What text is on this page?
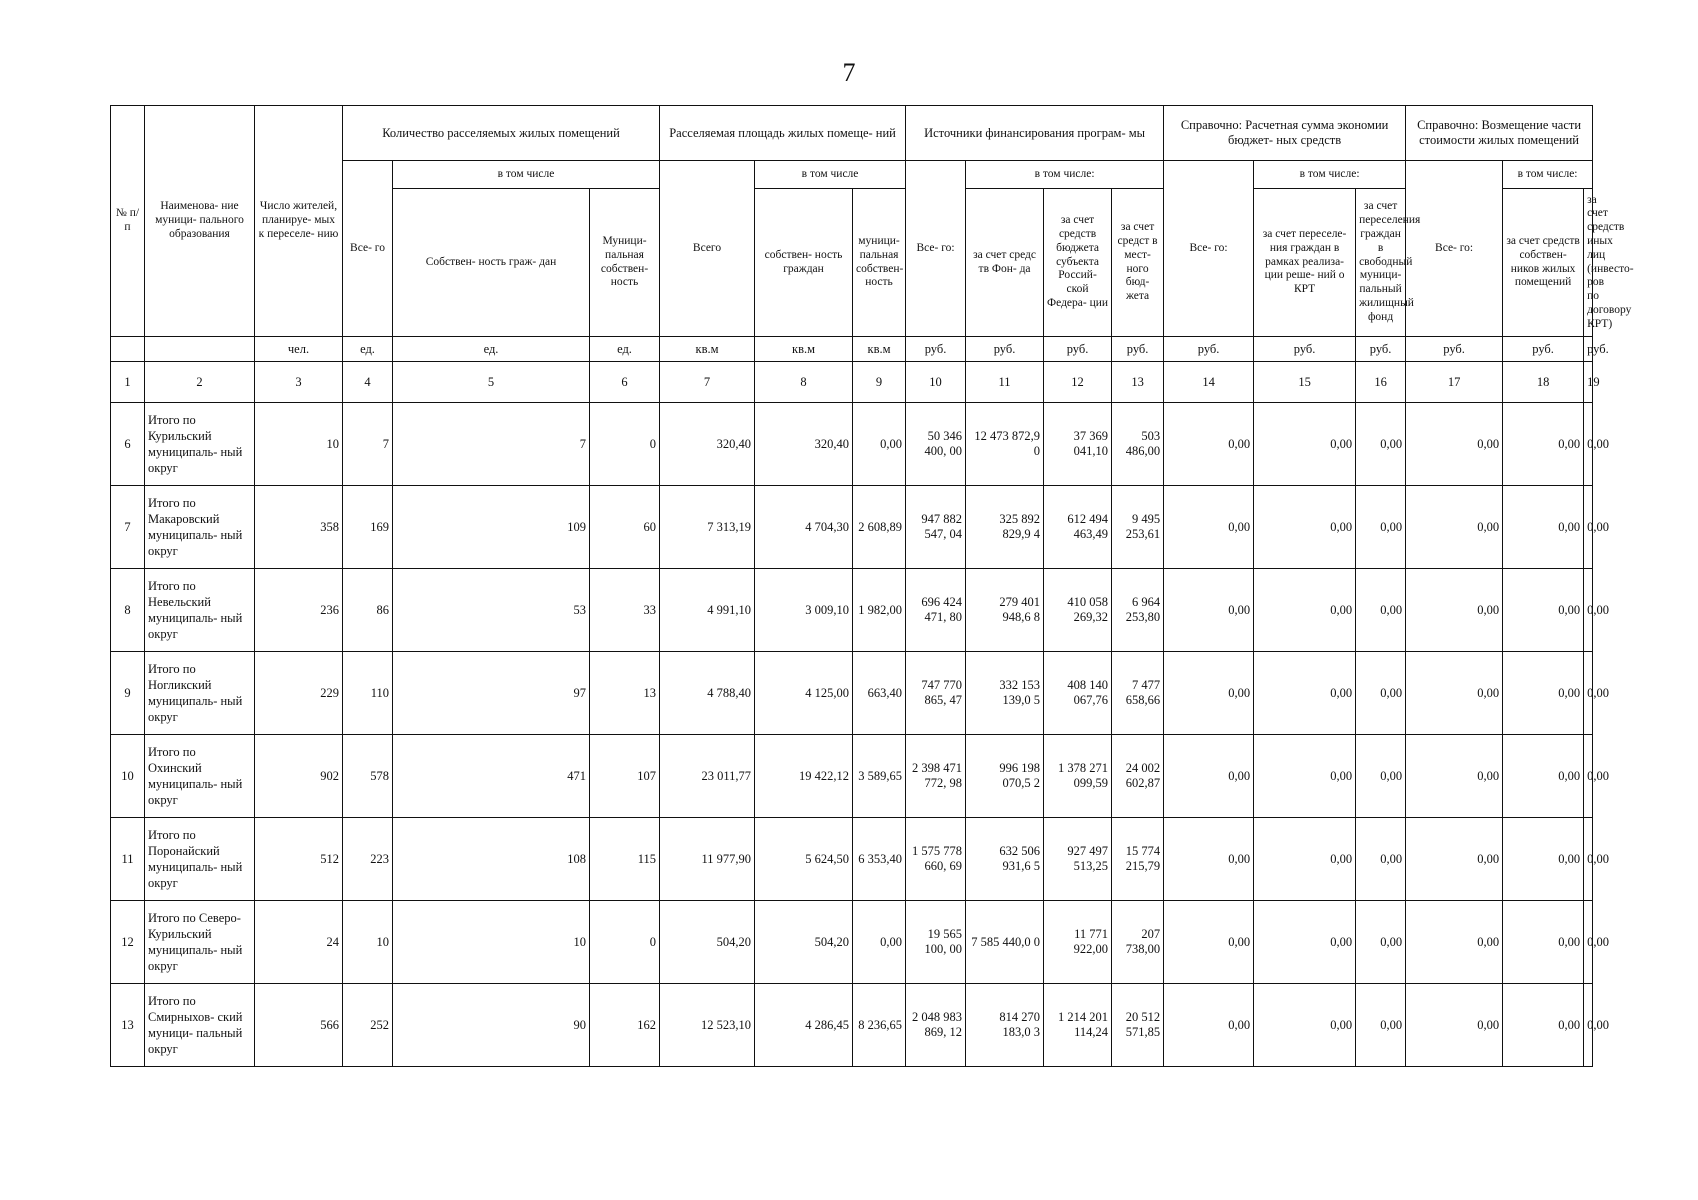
7
№ п/ п	Наименова- ние муници- пального образования	Число жителей, планируе- мых к переселе- нию	Количество расселяемых жилых помещений			Расселяемая площадь жилых помеще- ний			Источники финансирования програм- мы				Справочно: Расчетная сумма экономии бюджет- ных средств			Справочно: Возмещение части стоимости жилых помещений		
			Все- го	в том числе		Всего	в том числе		Все- го:	в том числе:			Все- го:	в том числе:		Все- го:	в том числе:	
				Собствен- ность граж- дан	Муници- пальная собствен- ность		собствен- ность граждан	муници- пальная собствен- ность		за счет средс тв Фон- да	за счет средств бюджета субъекта Россий- ской Федера- ции	за счет средст в мест- ного бюд- жета		за счет переселе- ния граждан в рамках реализа- ции реше- ний о КРТ	за счет переселения граждан в свободный муници- пальный жилищный фонд		за счет средств собствен- ников жилых помещений	за счет средств иных лиц (инвесто- ров по договору КРТ)
		чел.	ед.	ед.	ед.	кв.м	кв.м	кв.м	руб.	руб.	руб.	руб.	руб.	руб.	руб.	руб.	руб.	руб.
1	2	3	4	5	6	7	8	9	10	11	12	13	14	15	16	17	18	19
6	Итого по Курильский муниципаль- ный округ	10	7	7	0	320,40	320,40	0,00	50 346 400, 00	12 473 872,9 0	37 369 041,10	503 486,00	0,00	0,00	0,00	0,00	0,00	0,00
7	Итого по Макаровский муниципаль- ный округ	358	169	109	60	7 313,19	4 704,30	2 608,89	947 882 547, 04	325 892 829,9 4	612 494 463,49	9 495 253,61	0,00	0,00	0,00	0,00	0,00	0,00
8	Итого по Невельский муниципаль- ный округ	236	86	53	33	4 991,10	3 009,10	1 982,00	696 424 471, 80	279 401 948,6 8	410 058 269,32	6 964 253,80	0,00	0,00	0,00	0,00	0,00	0,00
9	Итого по Ногликский муниципаль- ный округ	229	110	97	13	4 788,40	4 125,00	663,40	747 770 865, 47	332 153 139,0 5	408 140 067,76	7 477 658,66	0,00	0,00	0,00	0,00	0,00	0,00
10	Итого по Охинский муниципаль- ный округ	902	578	471	107	23 011,77	19 422,12	3 589,65	2 398 471 772, 98	996 198 070,5 2	1 378 271 099,59	24 002 602,87	0,00	0,00	0,00	0,00	0,00	0,00
11	Итого по Поронайский муниципаль- ный округ	512	223	108	115	11 977,90	5 624,50	6 353,40	1 575 778 660, 69	632 506 931,6 5	927 497 513,25	15 774 215,79	0,00	0,00	0,00	0,00	0,00	0,00
12	Итого по Северо- Курильский муниципаль- ный округ	24	10	10	0	504,20	504,20	0,00	19 565 100, 00	7 585 440,0 0	11 771 922,00	207 738,00	0,00	0,00	0,00	0,00	0,00	0,00
13	Итого по Смирныхов- ский муници- пальный округ	566	252	90	162	12 523,10	4 286,45	8 236,65	2 048 983 869, 12	814 270 183,0 3	1 214 201 114,24	20 512 571,85	0,00	0,00	0,00	0,00	0,00	0,00
